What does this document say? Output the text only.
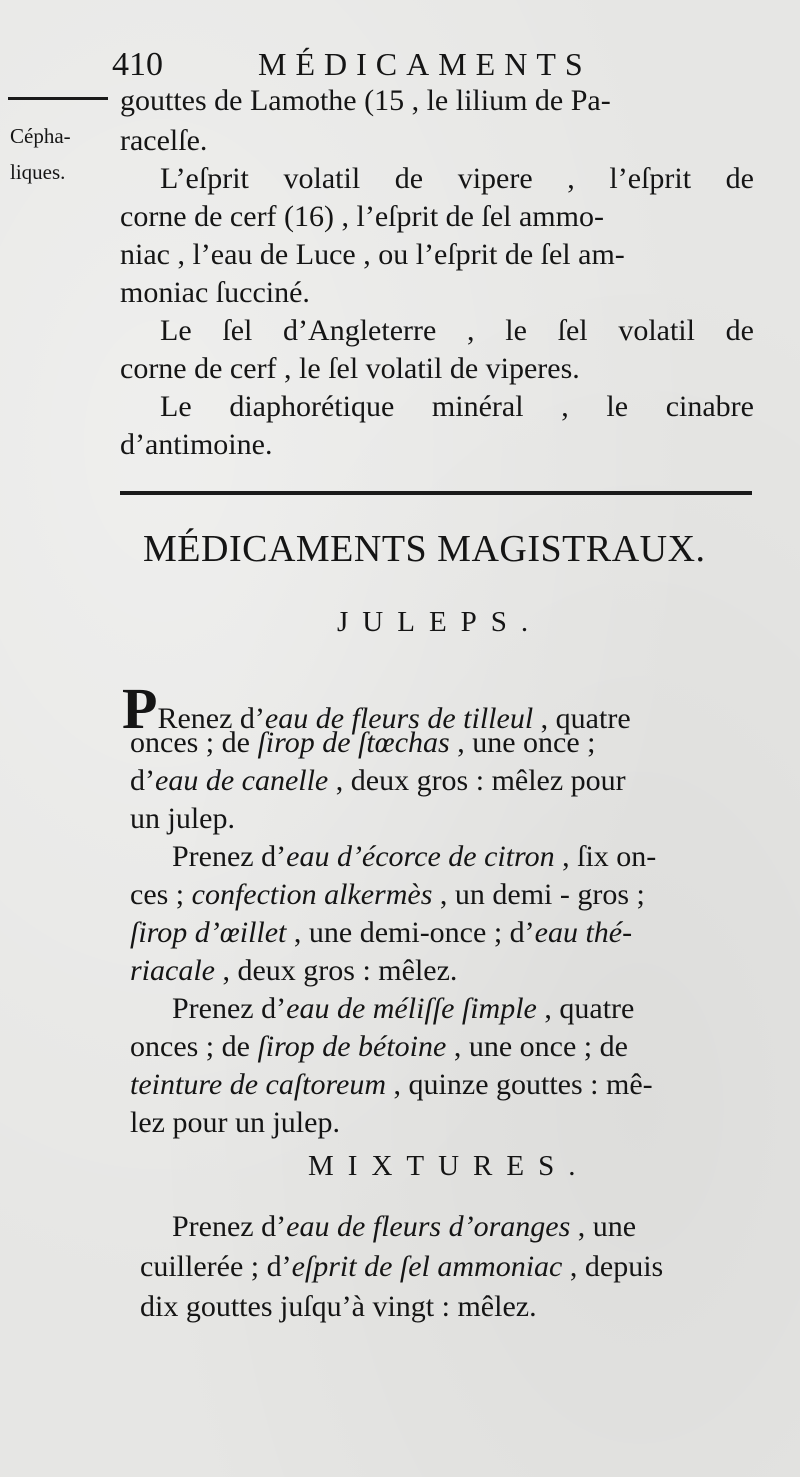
410	MÉDICAMENTS
Cépha-
liques.
gouttes de Lamothe (15 , le lilium de Pa-
racelſe.
L’eſprit volatil de vipere , l’eſprit de
corne de cerf (16) , l’eſprit de ſel ammo-
niac , l’eau de Luce , ou l’eſprit de ſel am-
moniac ſucciné.
Le ſel d’Angleterre , le ſel volatil de
corne de cerf , le ſel volatil de viperes.
Le diaphorétique minéral , le cinabre
d’antimoine.
MÉDICAMENTS MAGISTRAUX.
JULEPS.
PRenez d’eau de fleurs de tilleul , quatre
onces ; de ſirop de ſtœchas , une once ;
d’eau de canelle , deux gros : mêlez pour
un julep.
Prenez d’eau d’écorce de citron , ſix on-
ces ; confection alkermès , un demi - gros ;
ſirop d’œillet , une demi-once ; d’eau thé-
riacale , deux gros : mêlez.
Prenez d’eau de méliſſe ſimple , quatre
onces ; de ſirop de bétoine , une once ; de
teinture de caſtoreum , quinze gouttes : mê-
lez pour un julep.
MIXTURES.
Prenez d’eau de fleurs d’oranges , une
cuillerée ; d’eſprit de ſel ammoniac , depuis
dix gouttes juſqu’à vingt : mêlez.
